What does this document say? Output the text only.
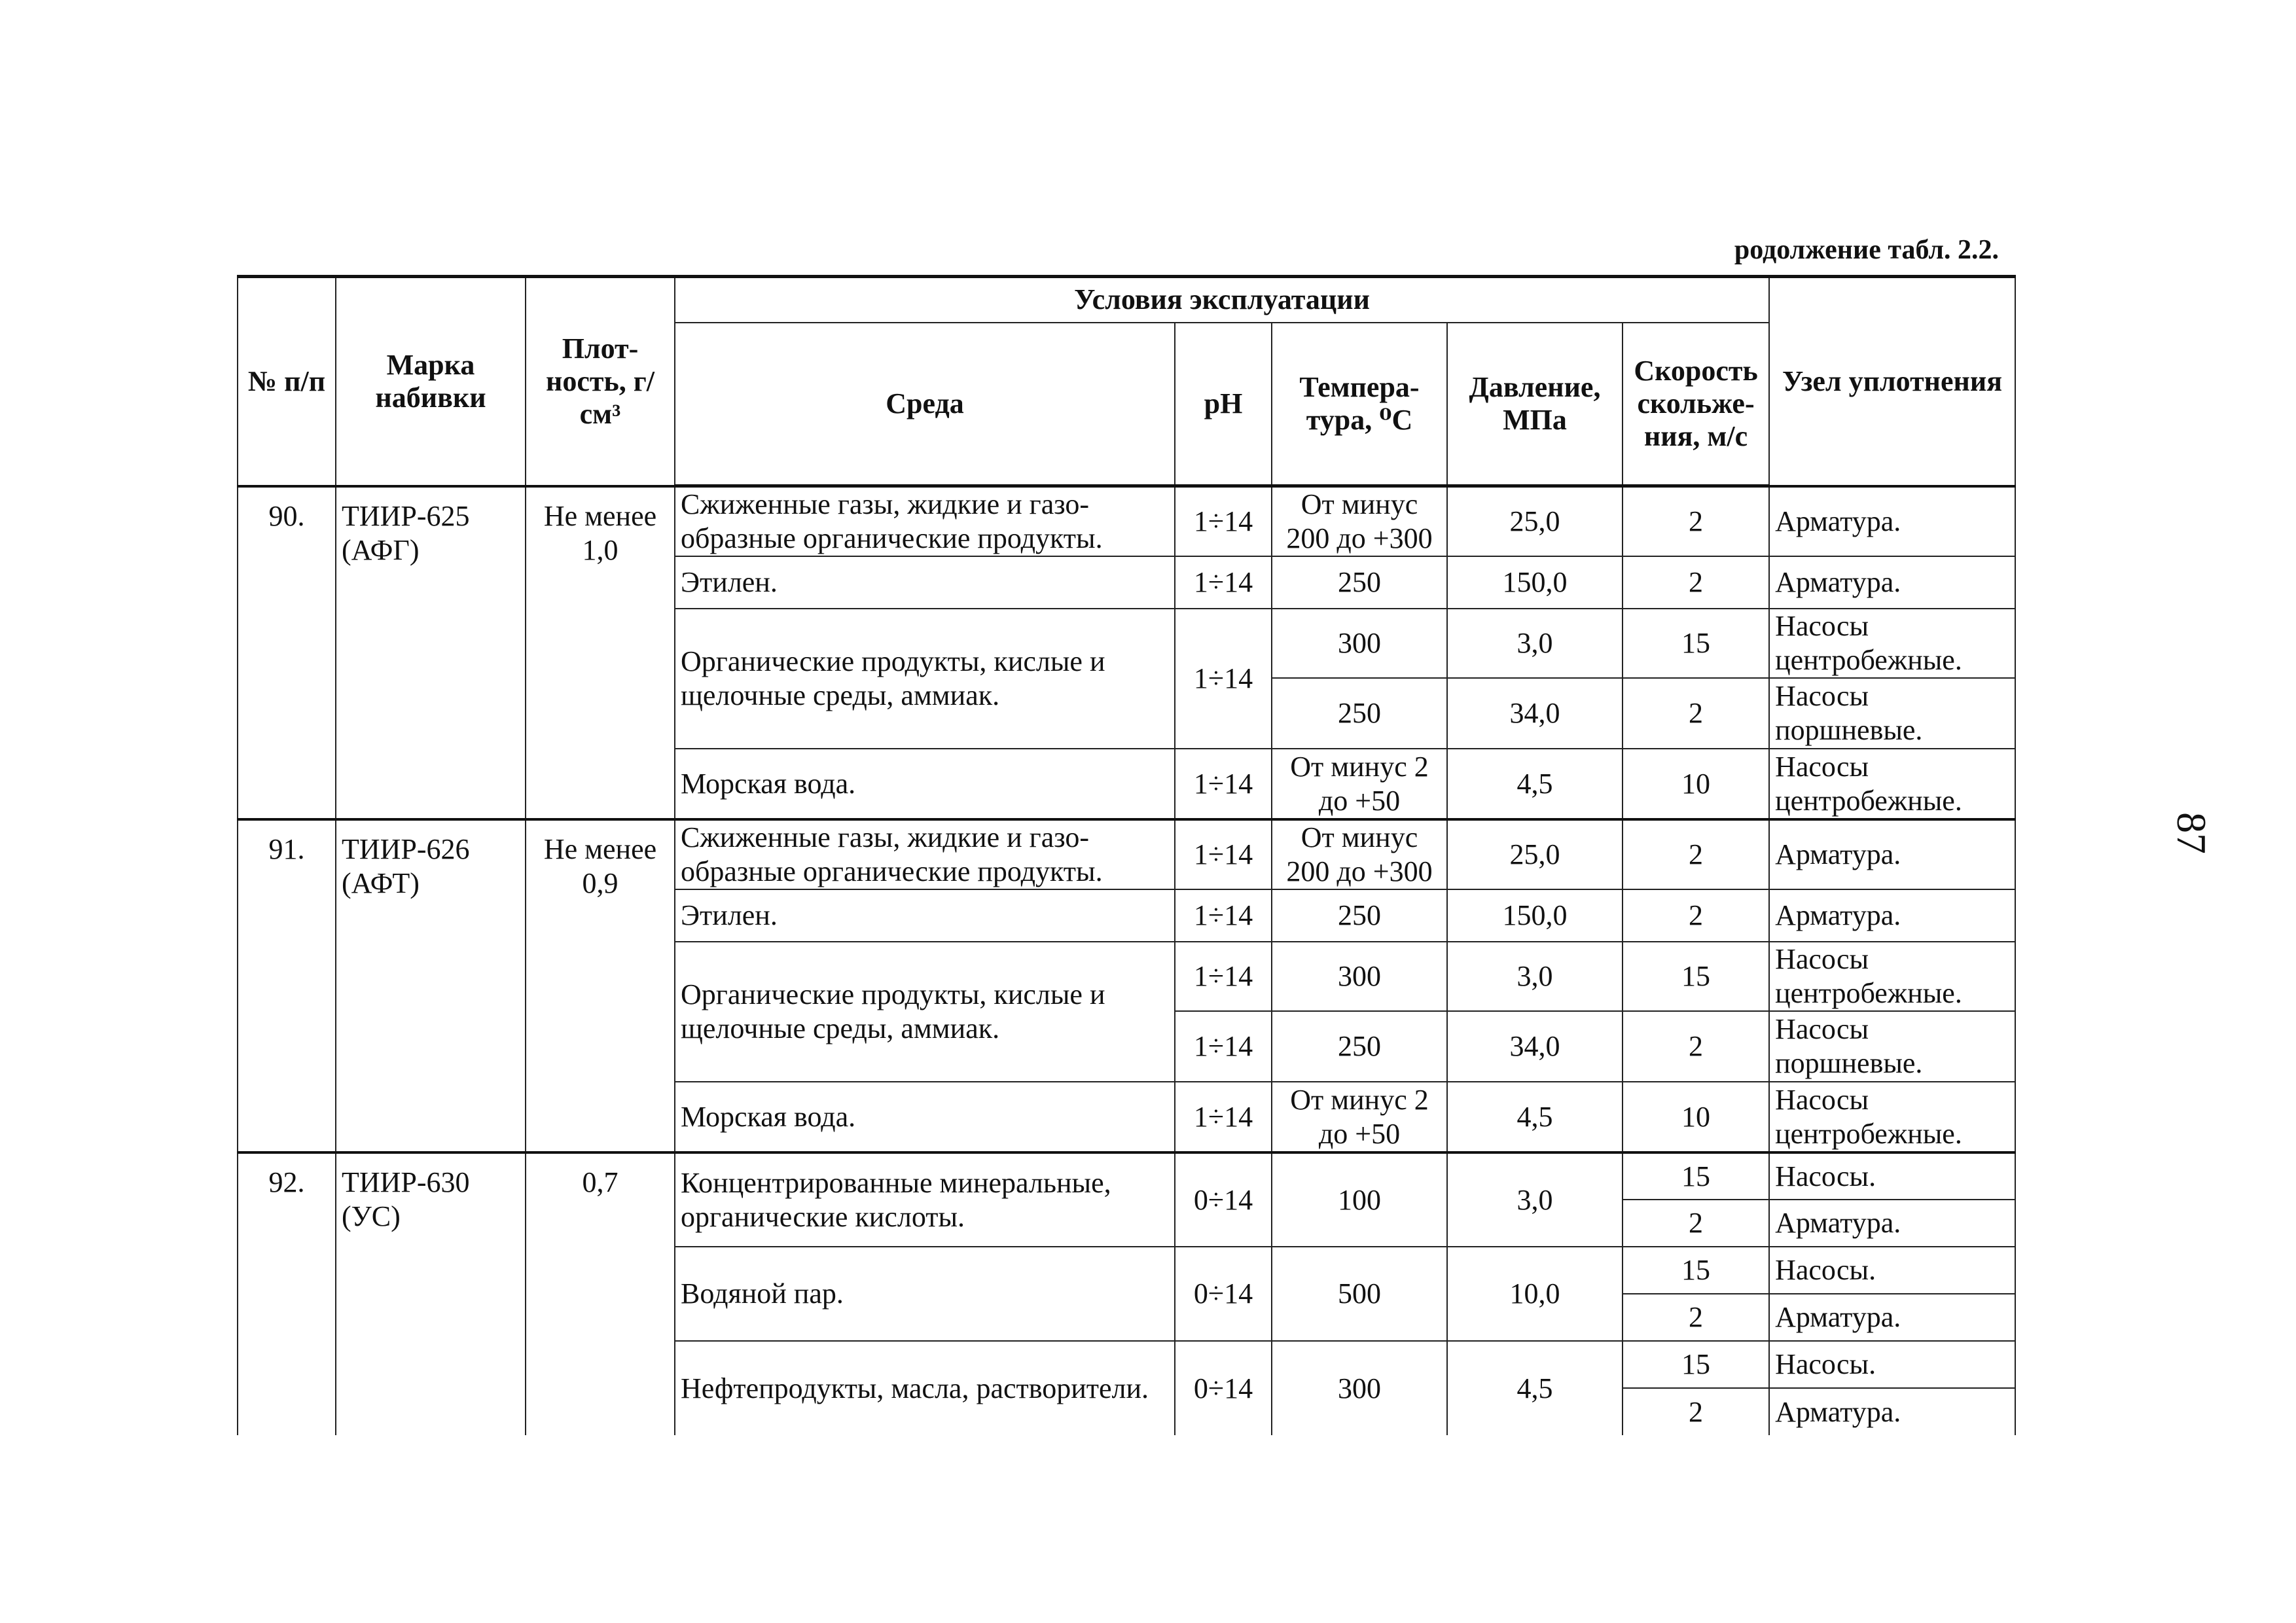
родолжение табл. 2.2.

87
№ п/п	Марка набивки	Плот-ность, г/см³	Условия эксплуатации					Узел уплотнения
			Среда	pH	Темпера-тура, ⁰С	Давление, МПа	Скорость скольже-ния, м/с	
90.	ТИИР-625 (АФГ)	Не менее 1,0	Сжиженные газы, жидкие и газо-образные органические продукты.	1÷14	От минус 200 до +300	25,0	2	Арматура.
			Этилен.	1÷14	250	150,0	2	Арматура.
			Органические продукты, кислые и щелочные среды, аммиак.	1÷14	300	3,0	15	Насосы центробежные.
					250	34,0	2	Насосы поршневые.
			Морская вода.	1÷14	От минус 2 до +50	4,5	10	Насосы центробежные.
91.	ТИИР-626 (АФТ)	Не менее 0,9	Сжиженные газы, жидкие и газо-образные органические продукты.	1÷14	От минус 200 до +300	25,0	2	Арматура.
			Этилен.	1÷14	250	150,0	2	Арматура.
			Органические продукты, кислые и щелочные среды, аммиак.	1÷14	300	3,0	15	Насосы центробежные.
				1÷14	250	34,0	2	Насосы поршневые.
			Морская вода.	1÷14	От минус 2 до +50	4,5	10	Насосы центробежные.
92.	ТИИР-630 (УС)	0,7	Концентрированные минеральные, органические кислоты.	0÷14	100	3,0	15	Насосы.
							2	Арматура.
			Водяной пар.	0÷14	500	10,0	15	Насосы.
							2	Арматура.
			Нефтепродукты, масла, растворители.	0÷14	300	4,5	15	Насосы.
							2	Арматура.
